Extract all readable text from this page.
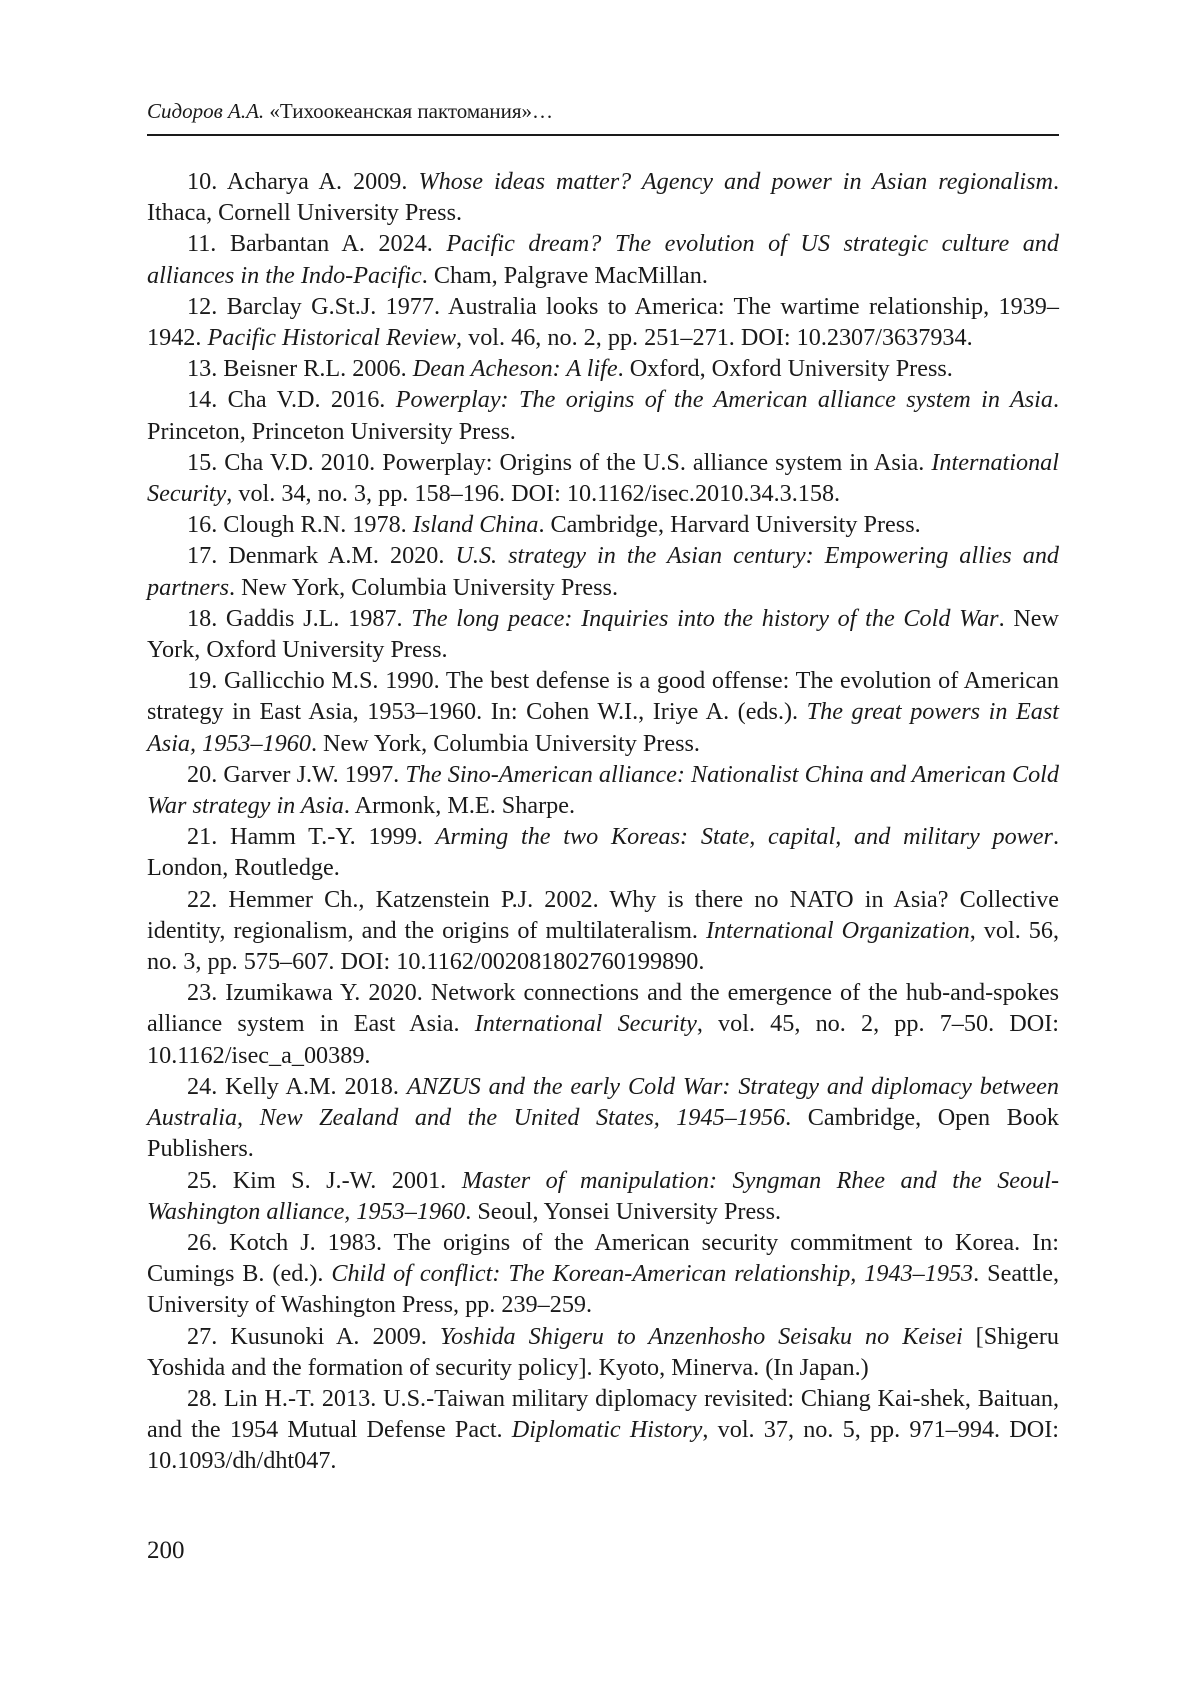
Сидоров А.А. «Тихоокеанская пактомания»…

10. Acharya A. 2009. Whose ideas matter? Agency and power in Asian regionalism. Ithaca, Cornell University Press.

11. Barbantan A. 2024. Pacific dream? The evolution of US strategic culture and alliances in the Indo-Pacific. Cham, Palgrave MacMillan.

12. Barclay G.St.J. 1977. Australia looks to America: The wartime relationship, 1939–1942. Pacific Historical Review, vol. 46, no. 2, pp. 251–271. DOI: 10.2307/3637934.

13. Beisner R.L. 2006. Dean Acheson: A life. Oxford, Oxford University Press.

14. Cha V.D. 2016. Powerplay: The origins of the American alliance system in Asia. Princeton, Princeton University Press.

15. Cha V.D. 2010. Powerplay: Origins of the U.S. alliance system in Asia. International Security, vol. 34, no. 3, pp. 158–196. DOI: 10.1162/isec.2010.34.3.158.

16. Clough R.N. 1978. Island China. Cambridge, Harvard University Press.

17. Denmark A.M. 2020. U.S. strategy in the Asian century: Empowering allies and partners. New York, Columbia University Press.

18. Gaddis J.L. 1987. The long peace: Inquiries into the history of the Cold War. New York, Oxford University Press.

19. Gallicchio M.S. 1990. The best defense is a good offense: The evolution of American strategy in East Asia, 1953–1960. In: Cohen W.I., Iriye A. (eds.). The great powers in East Asia, 1953–1960. New York, Columbia University Press.

20. Garver J.W. 1997. The Sino-American alliance: Nationalist China and American Cold War strategy in Asia. Armonk, M.E. Sharpe.

21. Hamm T.-Y. 1999. Arming the two Koreas: State, capital, and military power. London, Routledge.

22. Hemmer Ch., Katzenstein P.J. 2002. Why is there no NATO in Asia? Collective identity, regionalism, and the origins of multilateralism. International Organization, vol. 56, no. 3, pp. 575–607. DOI: 10.1162/002081802760199890.

23. Izumikawa Y. 2020. Network connections and the emergence of the hub-and-spokes alliance system in East Asia. International Security, vol. 45, no. 2, pp. 7–50. DOI: 10.1162/isec_a_00389.

24. Kelly A.M. 2018. ANZUS and the early Cold War: Strategy and diplomacy between Australia, New Zealand and the United States, 1945–1956. Cambridge, Open Book Publishers.

25. Kim S. J.-W. 2001. Master of manipulation: Syngman Rhee and the Seoul-Washington alliance, 1953–1960. Seoul, Yonsei University Press.

26. Kotch J. 1983. The origins of the American security commitment to Korea. In: Cumings B. (ed.). Child of conflict: The Korean-American relationship, 1943–1953. Seattle, University of Washington Press, pp. 239–259.

27. Kusunoki A. 2009. Yoshida Shigeru to Anzenhosho Seisaku no Keisei [Shigeru Yoshida and the formation of security policy]. Kyoto, Minerva. (In Japan.)

28. Lin H.-T. 2013. U.S.-Taiwan military diplomacy revisited: Chiang Kai-shek, Baituan, and the 1954 Mutual Defense Pact. Diplomatic History, vol. 37, no. 5, pp. 971–994. DOI: 10.1093/dh/dht047.

200
